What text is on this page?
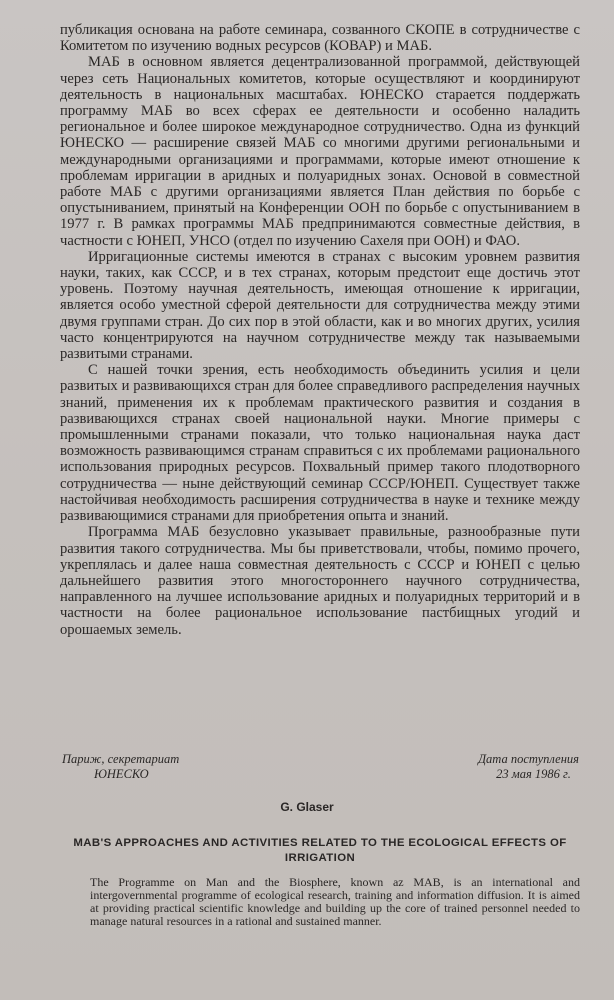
публикация основана на работе семинара, созванного СКОПЕ в сотрудничестве с Комитетом по изучению водных ресурсов (КОВАР) и МАБ.

МАБ в основном является децентрализованной программой, действующей через сеть Национальных комитетов, которые осуществляют и координируют деятельность в национальных масштабах. ЮНЕСКО старается поддержать программу МАБ во всех сферах ее деятельности и особенно наладить региональное и более широкое международное сотрудничество. Одна из функций ЮНЕСКО — расширение связей МАБ со многими другими региональными и международными организациями и программами, которые имеют отношение к проблемам ирригации в аридных и полуаридных зонах. Основой в совместной работе МАБ с другими организациями является План действия по борьбе с опустыниванием, принятый на Конференции ООН по борьбе с опустыниванием в 1977 г. В рамках программы МАБ предпринимаются совместные действия, в частности с ЮНЕП, УНСО (отдел по изучению Сахеля при ООН) и ФАО.

Ирригационные системы имеются в странах с высоким уровнем развития науки, таких, как СССР, и в тех странах, которым предстоит еще достичь этот уровень. Поэтому научная деятельность, имеющая отношение к ирригации, является особо уместной сферой деятельности для сотрудничества между этими двумя группами стран. До сих пор в этой области, как и во многих других, усилия часто концентрируются на научном сотрудничестве между так называемыми развитыми странами.

С нашей точки зрения, есть необходимость объединить усилия и цели развитых и развивающихся стран для более справедливого распределения научных знаний, применения их к проблемам практического развития и создания в развивающихся странах своей национальной науки. Многие примеры с промышленными странами показали, что только национальная наука даст возможность развивающимся странам справиться с их проблемами рационального использования природных ресурсов. Похвальный пример такого плодотворного сотрудничества — ныне действующий семинар СССР/ЮНЕП. Существует также настойчивая необходимость расширения сотрудничества в науке и технике между развивающимися странами для приобретения опыта и знаний.

Программа МАБ безусловно указывает правильные, разнообразные пути развития такого сотрудничества. Мы бы приветствовали, чтобы, помимо прочего, укреплялась и далее наша совместная деятельность с СССР и ЮНЕП с целью дальнейшего развития этого многостороннего научного сотрудничества, направленного на лучшее использование аридных и полуаридных территорий и в частности на более рациональное использование пастбищных угодий и орошаемых земель.

Париж, секретариат
ЮНЕСКО
Дата поступления
23 мая 1986 г.
G. Glaser
MAB'S APPROACHES AND ACTIVITIES RELATED TO THE ECOLOGICAL EFFECTS OF IRRIGATION
The Programme on Man and the Biosphere, known az MAB, is an international and intergovernmental programme of ecological research, training and information diffusion. It is aimed at providing practical scientific knowledge and building up the core of trained personnel needed to manage natural resources in a rational and sustained manner.
